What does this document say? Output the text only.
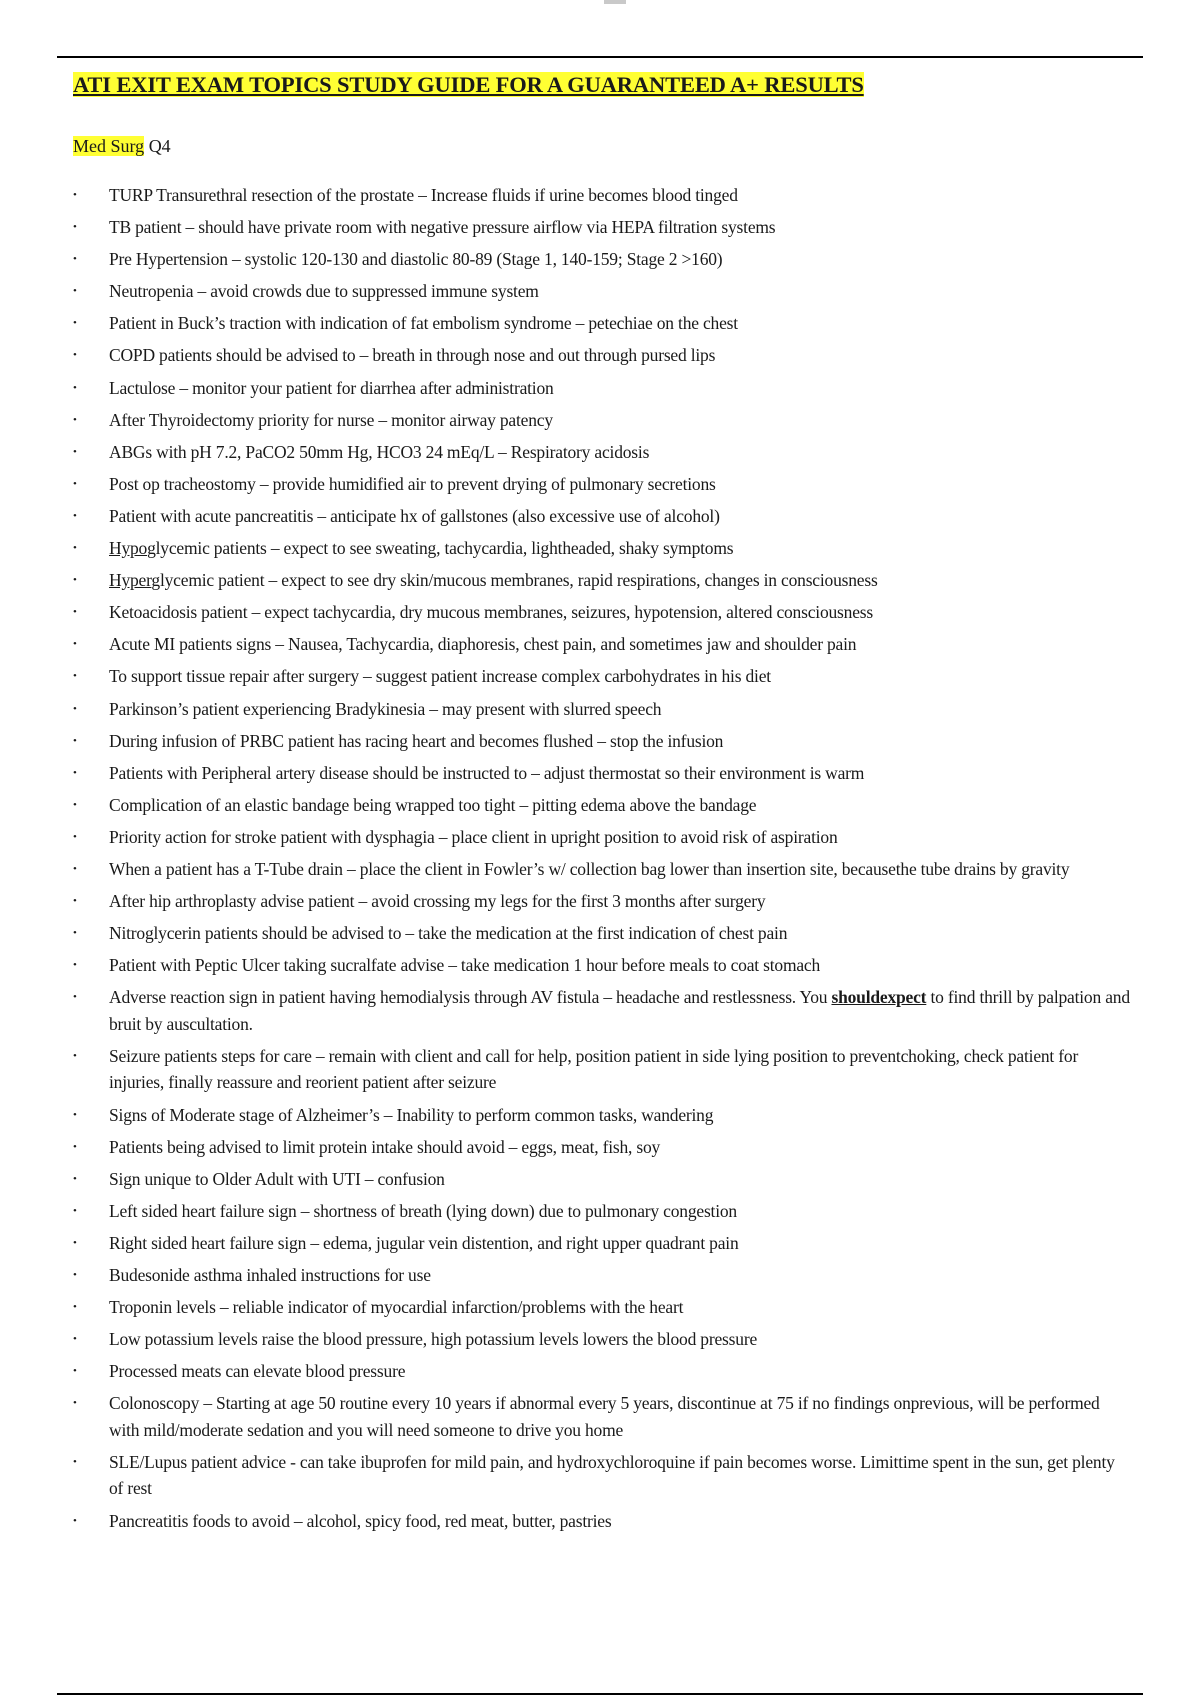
ATI EXIT EXAM TOPICS STUDY GUIDE FOR A GUARANTEED A+ RESULTS
Med Surg Q4
• TURP Transurethral resection of the prostate – Increase fluids if urine becomes blood tinged
• TB patient – should have private room with negative pressure airflow via HEPA filtration systems
• Pre Hypertension – systolic 120-130 and diastolic 80-89 (Stage 1, 140-159; Stage 2 >160)
• Neutropenia – avoid crowds due to suppressed immune system
• Patient in Buck’s traction with indication of fat embolism syndrome – petechiae on the chest
• COPD patients should be advised to – breath in through nose and out through pursed lips
• Lactulose – monitor your patient for diarrhea after administration
• After Thyroidectomy priority for nurse – monitor airway patency
• ABGs with pH 7.2, PaCO2 50mm Hg, HCO3 24 mEq/L – Respiratory acidosis
• Post op tracheostomy – provide humidified air to prevent drying of pulmonary secretions
• Patient with acute pancreatitis – anticipate hx of gallstones (also excessive use of alcohol)
• Hypoglycemic patients – expect to see sweating, tachycardia, lightheaded, shaky symptoms
• Hyperglycemic patient – expect to see dry skin/mucous membranes, rapid respirations, changes in consciousness
• Ketoacidosis patient – expect tachycardia, dry mucous membranes, seizures, hypotension, altered consciousness
• Acute MI patients signs – Nausea, Tachycardia, diaphoresis, chest pain, and sometimes jaw and shoulder pain
• To support tissue repair after surgery – suggest patient increase complex carbohydrates in his diet
• Parkinson’s patient experiencing Bradykinesia – may present with slurred speech
• During infusion of PRBC patient has racing heart and becomes flushed – stop the infusion
• Patients with Peripheral artery disease should be instructed to – adjust thermostat so their environment is warm
• Complication of an elastic bandage being wrapped too tight – pitting edema above the bandage
• Priority action for stroke patient with dysphagia – place client in upright position to avoid risk of aspiration
• When a patient has a T-Tube drain – place the client in Fowler’s w/ collection bag lower than insertion site, becausethe tube drains by gravity
• After hip arthroplasty advise patient – avoid crossing my legs for the first 3 months after surgery
• Nitroglycerin patients should be advised to – take the medication at the first indication of chest pain
• Patient with Peptic Ulcer taking sucralfate advise – take medication 1 hour before meals to coat stomach
• Adverse reaction sign in patient having hemodialysis through AV fistula – headache and restlessness. You shouldexpect to find thrill by palpation and bruit by auscultation.
• Seizure patients steps for care – remain with client and call for help, position patient in side lying position to preventchoking, check patient for injuries, finally reassure and reorient patient after seizure
• Signs of Moderate stage of Alzheimer’s – Inability to perform common tasks, wandering
• Patients being advised to limit protein intake should avoid – eggs, meat, fish, soy
• Sign unique to Older Adult with UTI – confusion
• Left sided heart failure sign – shortness of breath (lying down) due to pulmonary congestion
• Right sided heart failure sign – edema, jugular vein distention, and right upper quadrant pain
• Budesonide asthma inhaled instructions for use
• Troponin levels – reliable indicator of myocardial infarction/problems with the heart
• Low potassium levels raise the blood pressure, high potassium levels lowers the blood pressure
• Processed meats can elevate blood pressure
• Colonoscopy – Starting at age 50 routine every 10 years if abnormal every 5 years, discontinue at 75 if no findings onprevious, will be performed with mild/moderate sedation and you will need someone to drive you home
• SLE/Lupus patient advice - can take ibuprofen for mild pain, and hydroxychloroquine if pain becomes worse. Limittime spent in the sun, get plenty of rest
• Pancreatitis foods to avoid – alcohol, spicy food, red meat, butter, pastries
